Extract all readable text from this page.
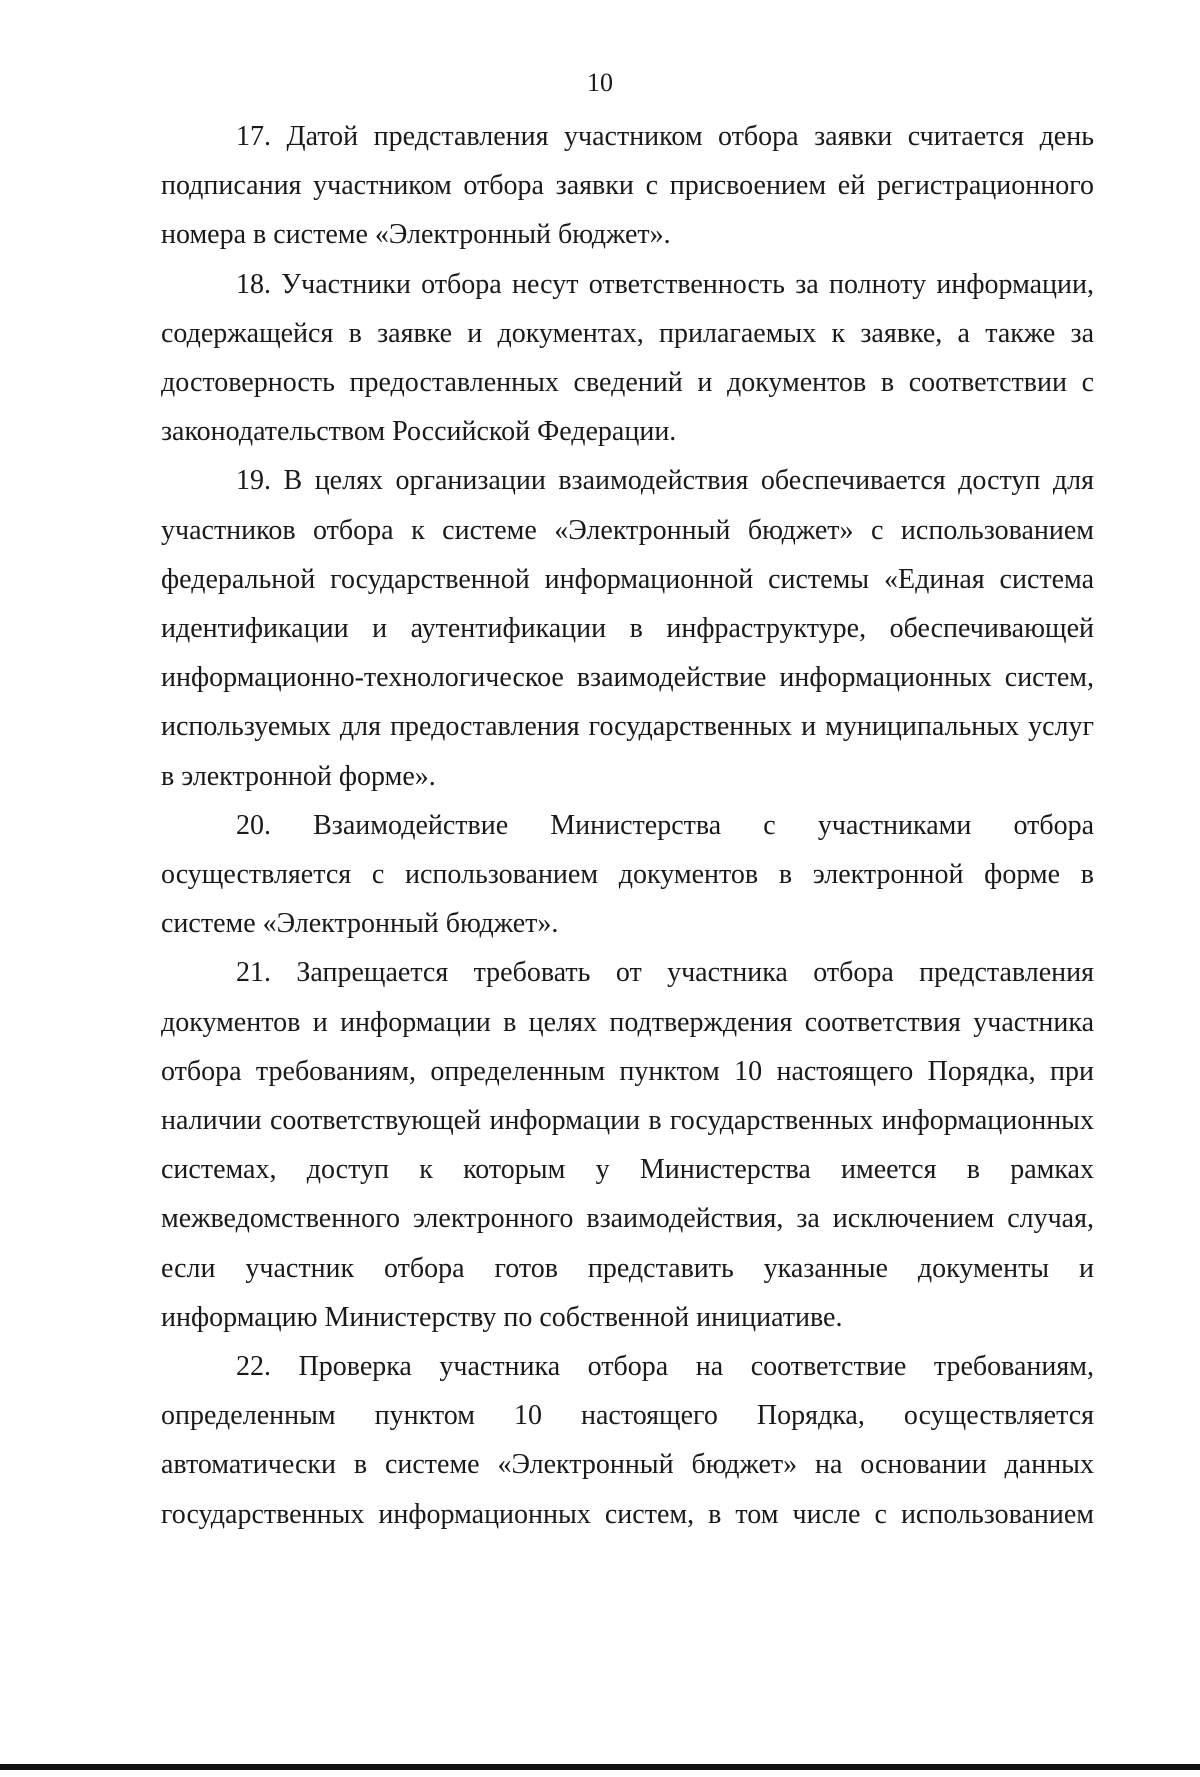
10

17. Датой представления участником отбора заявки считается день подписания участником отбора заявки с присвоением ей регистрационного номера в системе «Электронный бюджет».

18. Участники отбора несут ответственность за полноту информации, содержащейся в заявке и документах, прилагаемых к заявке, а также за достоверность предоставленных сведений и документов в соответствии с законодательством Российской Федерации.

19. В целях организации взаимодействия обеспечивается доступ для участников отбора к системе «Электронный бюджет» с использованием федеральной государственной информационной системы «Единая система идентификации и аутентификации в инфраструктуре, обеспечивающей информационно-технологическое взаимодействие информационных систем, используемых для предоставления государственных и муниципальных услуг в электронной форме».

20. Взаимодействие Министерства с участниками отбора осуществляется с использованием документов в электронной форме в системе «Электронный бюджет».

21. Запрещается требовать от участника отбора представления документов и информации в целях подтверждения соответствия участника отбора требованиям, определенным пунктом 10 настоящего Порядка, при наличии соответствующей информации в государственных информационных системах, доступ к которым у Министерства имеется в рамках межведомственного электронного взаимодействия, за исключением случая, если участник отбора готов представить указанные документы и информацию Министерству по собственной инициативе.

22. Проверка участника отбора на соответствие требованиям, определенным пунктом 10 настоящего Порядка, осуществляется автоматически в системе «Электронный бюджет» на основании данных государственных информационных систем, в том числе с использованием
